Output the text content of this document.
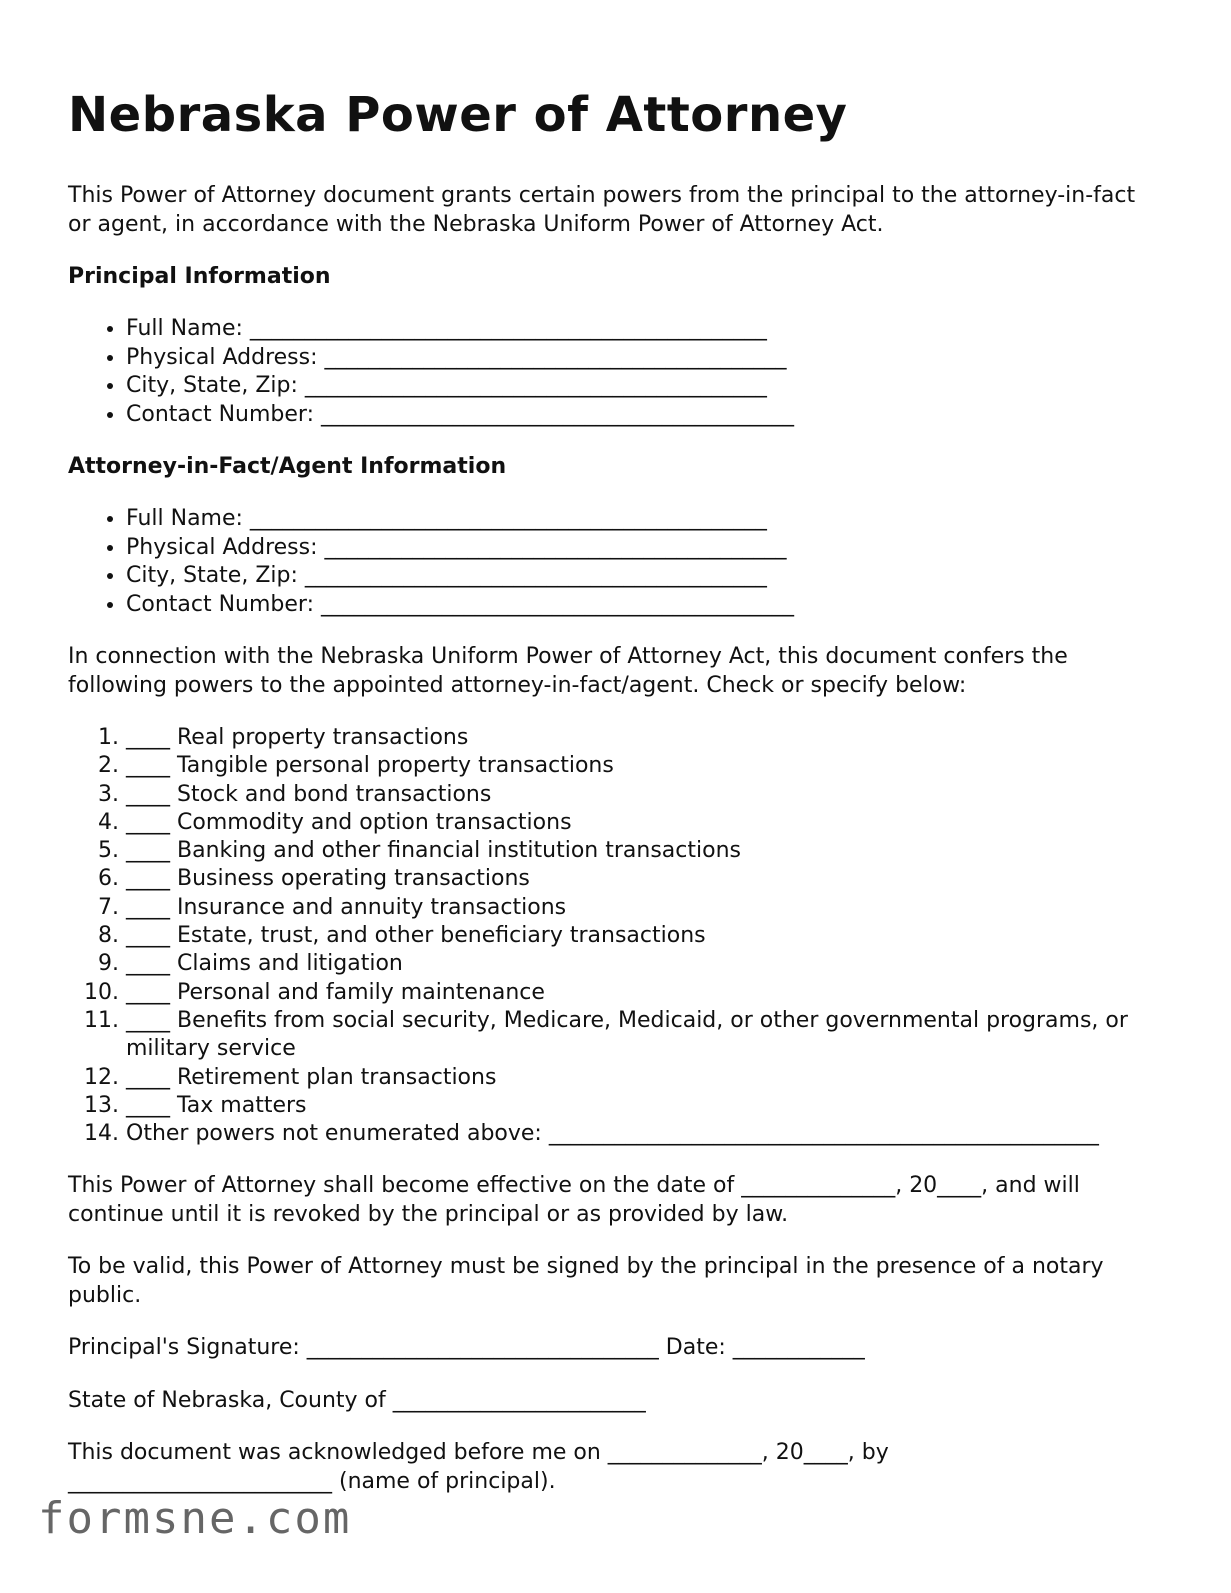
Nebraska Power of Attorney

This Power of Attorney document grants certain powers from the principal to the attorney-in-fact or agent, in accordance with the Nebraska Uniform Power of Attorney Act.

Principal Information
• Full Name: _______________________________________________
• Physical Address: __________________________________________
• City, State, Zip: __________________________________________
• Contact Number: ___________________________________________
Attorney-in-Fact/Agent Information
• Full Name: _______________________________________________
• Physical Address: __________________________________________
• City, State, Zip: __________________________________________
• Contact Number: ___________________________________________

In connection with the Nebraska Uniform Power of Attorney Act, this document confers the following powers to the appointed attorney-in-fact/agent. Check or specify below:

1. ____ Real property transactions
2. ____ Tangible personal property transactions
3. ____ Stock and bond transactions
4. ____ Commodity and option transactions
5. ____ Banking and other financial institution transactions
6. ____ Business operating transactions
7. ____ Insurance and annuity transactions
8. ____ Estate, trust, and other beneficiary transactions
9. ____ Claims and litigation
10. ____ Personal and family maintenance
11. ____ Benefits from social security, Medicare, Medicaid, or other governmental programs, or military service
12. ____ Retirement plan transactions
13. ____ Tax matters
14. Other powers not enumerated above: __________________________________________________

This Power of Attorney shall become effective on the date of ______________, 20____, and will continue until it is revoked by the principal or as provided by law.

To be valid, this Power of Attorney must be signed by the principal in the presence of a notary public.

Principal's Signature: ________________________________ Date: ____________

State of Nebraska, County of _______________________

This document was acknowledged before me on ______________, 20____, by ________________________ (name of principal).

formsne.com
